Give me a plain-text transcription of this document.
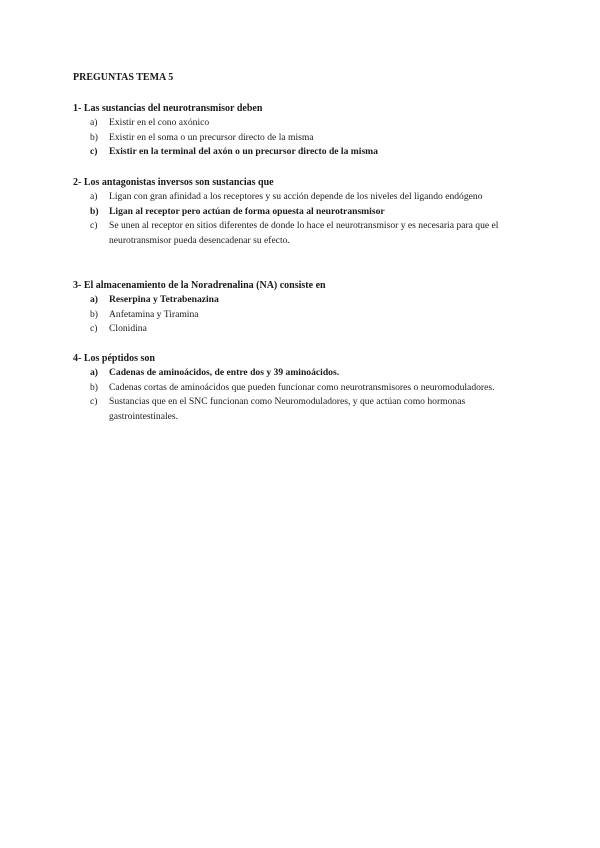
PREGUNTAS TEMA 5
1- Las sustancias del neurotransmisor deben
a) Existir en el cono axónico
b) Existir en el soma o un precursor directo de la misma
c) Existir en la terminal del axón o un precursor directo de la misma
2- Los antagonistas inversos son sustancias que
a) Ligan con gran afinidad a los receptores y su acción depende de los niveles del ligando endógeno
b) Ligan al receptor pero actúan de forma opuesta al neurotransmisor
c) Se unen al receptor en sitios diferentes de donde lo hace el neurotransmisor y es necesaria para que el neurotransmisor pueda desencadenar su efecto.
3- El almacenamiento de la Noradrenalina (NA) consiste en
a) Reserpina y Tetrabenazina
b) Anfetamina y Tiramina
c) Clonidina
4- Los péptidos son
a) Cadenas de aminoácidos, de entre dos y 39 aminoácidos.
b) Cadenas cortas de aminoácidos que pueden funcionar como neurotransmisores o neuromoduladores.
c) Sustancias que en el SNC funcionan como Neuromoduladores, y que actúan como hormonas gastrointestinales.
